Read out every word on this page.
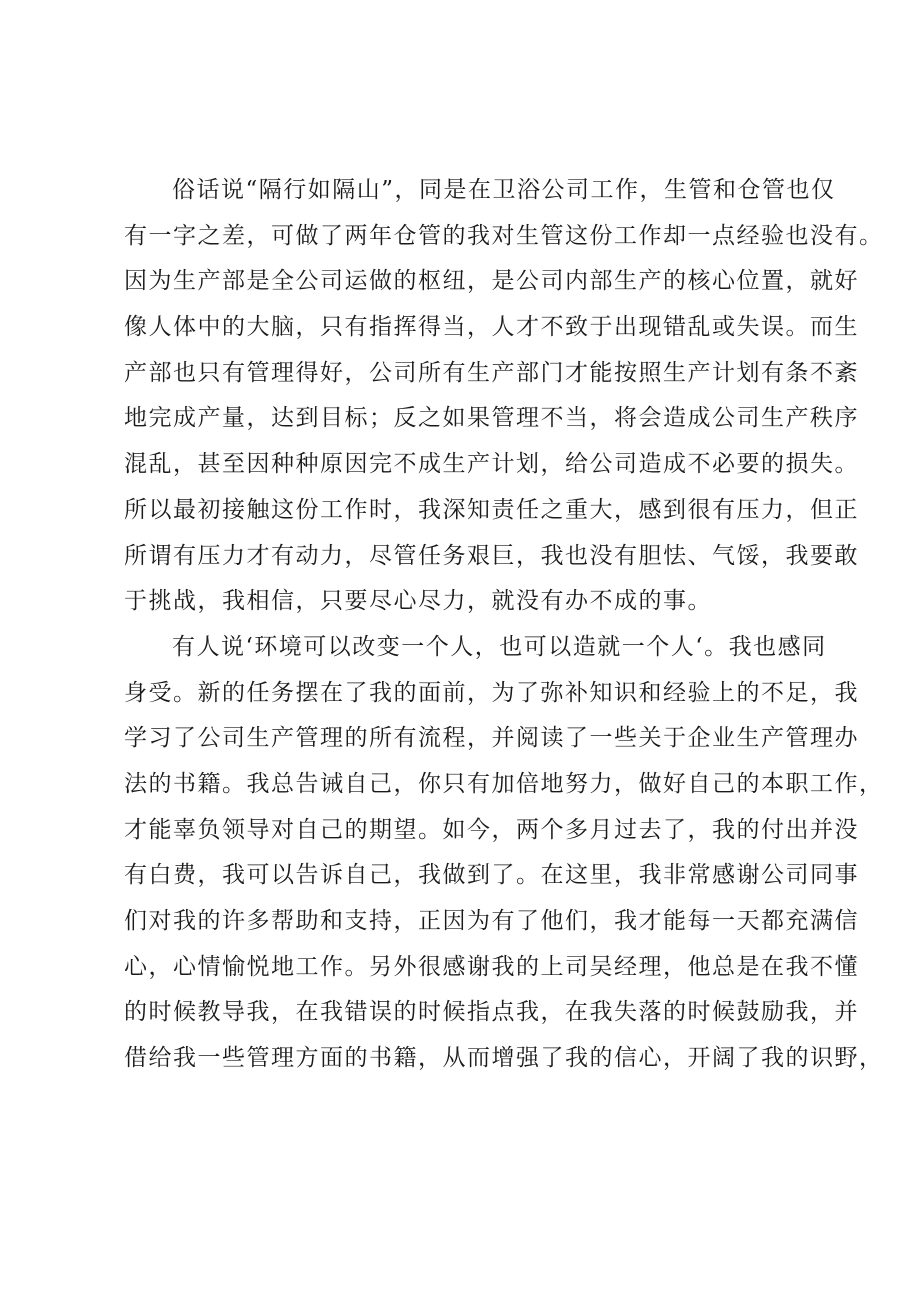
俗话说“隔行如隔山”，同是在卫浴公司工作，生管和仓管也仅
有一字之差，可做了两年仓管的我对生管这份工作却一点经验也没有。
因为生产部是全公司运做的枢纽，是公司内部生产的核心位置，就好
像人体中的大脑，只有指挥得当，人才不致于出现错乱或失误。而生
产部也只有管理得好，公司所有生产部门才能按照生产计划有条不紊
地完成产量，达到目标；反之如果管理不当，将会造成公司生产秩序
混乱，甚至因种种原因完不成生产计划，给公司造成不必要的损失。
所以最初接触这份工作时，我深知责任之重大，感到很有压力，但正
所谓有压力才有动力，尽管任务艰巨，我也没有胆怯、气馁，我要敢
于挑战，我相信，只要尽心尽力，就没有办不成的事。
有人说‘环境可以改变一个人，也可以造就一个人‘。我也感同
身受。新的任务摆在了我的面前，为了弥补知识和经验上的不足，我
学习了公司生产管理的所有流程，并阅读了一些关于企业生产管理办
法的书籍。我总告诫自己，你只有加倍地努力，做好自己的本职工作，
才能辜负领导对自己的期望。如今，两个多月过去了，我的付出并没
有白费，我可以告诉自己，我做到了。在这里，我非常感谢公司同事
们对我的许多帮助和支持，正因为有了他们，我才能每一天都充满信
心，心情愉悦地工作。另外很感谢我的上司吴经理，他总是在我不懂
的时候教导我，在我错误的时候指点我，在我失落的时候鼓励我，并
借给我一些管理方面的书籍，从而增强了我的信心，开阔了我的识野，
